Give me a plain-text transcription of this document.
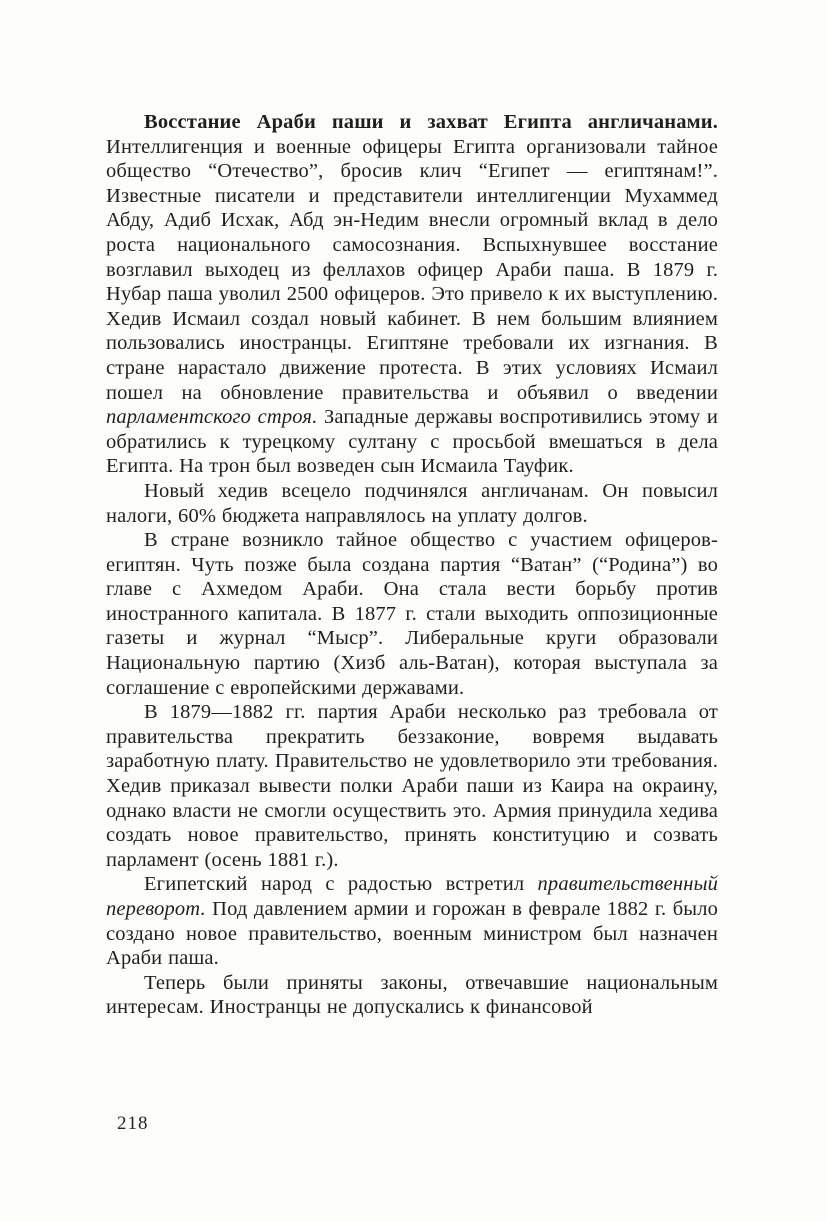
Восстание Араби паши и захват Египта англичанами. Интеллигенция и военные офицеры Египта организовали тайное общество “Отечество”, бросив клич “Египет — египтянам!”. Известные писатели и представители интеллигенции Мухаммед Абду, Адиб Исхак, Абд эн-Недим внесли огромный вклад в дело роста национального самосознания. Вспыхнувшее восстание возглавил выходец из феллахов офицер Араби паша. В 1879 г. Нубар паша уволил 2500 офицеров. Это привело к их выступлению. Хедив Исмаил создал новый кабинет. В нем большим влиянием пользовались иностранцы. Египтяне требовали их изгнания. В стране нарастало движение протеста. В этих условиях Исмаил пошел на обновление правительства и объявил о введении парламентского строя. Западные державы воспротивились этому и обратились к турецкому султану с просьбой вмешаться в дела Египта. На трон был возведен сын Исмаила Тауфик.

Новый хедив всецело подчинялся англичанам. Он повысил налоги, 60% бюджета направлялось на уплату долгов.

В стране возникло тайное общество с участием офицеров-египтян. Чуть позже была создана партия “Ватан” (“Родина”) во главе с Ахмедом Араби. Она стала вести борьбу против иностранного капитала. В 1877 г. стали выходить оппозиционные газеты и журнал “Мыср”. Либеральные круги образовали Национальную партию (Хизб аль-Ватан), которая выступала за соглашение с европейскими державами.

В 1879—1882 гг. партия Араби несколько раз требовала от правительства прекратить беззаконие, вовремя выдавать заработную плату. Правительство не удовлетворило эти требования. Хедив приказал вывести полки Араби паши из Каира на окраину, однако власти не смогли осуществить это. Армия принудила хедива создать новое правительство, принять конституцию и созвать парламент (осень 1881 г.).

Египетский народ с радостью встретил правительственный переворот. Под давлением армии и горожан в феврале 1882 г. было создано новое правительство, военным министром был назначен Араби паша.

Теперь были приняты законы, отвечавшие национальным интересам. Иностранцы не допускались к финансовой

218
